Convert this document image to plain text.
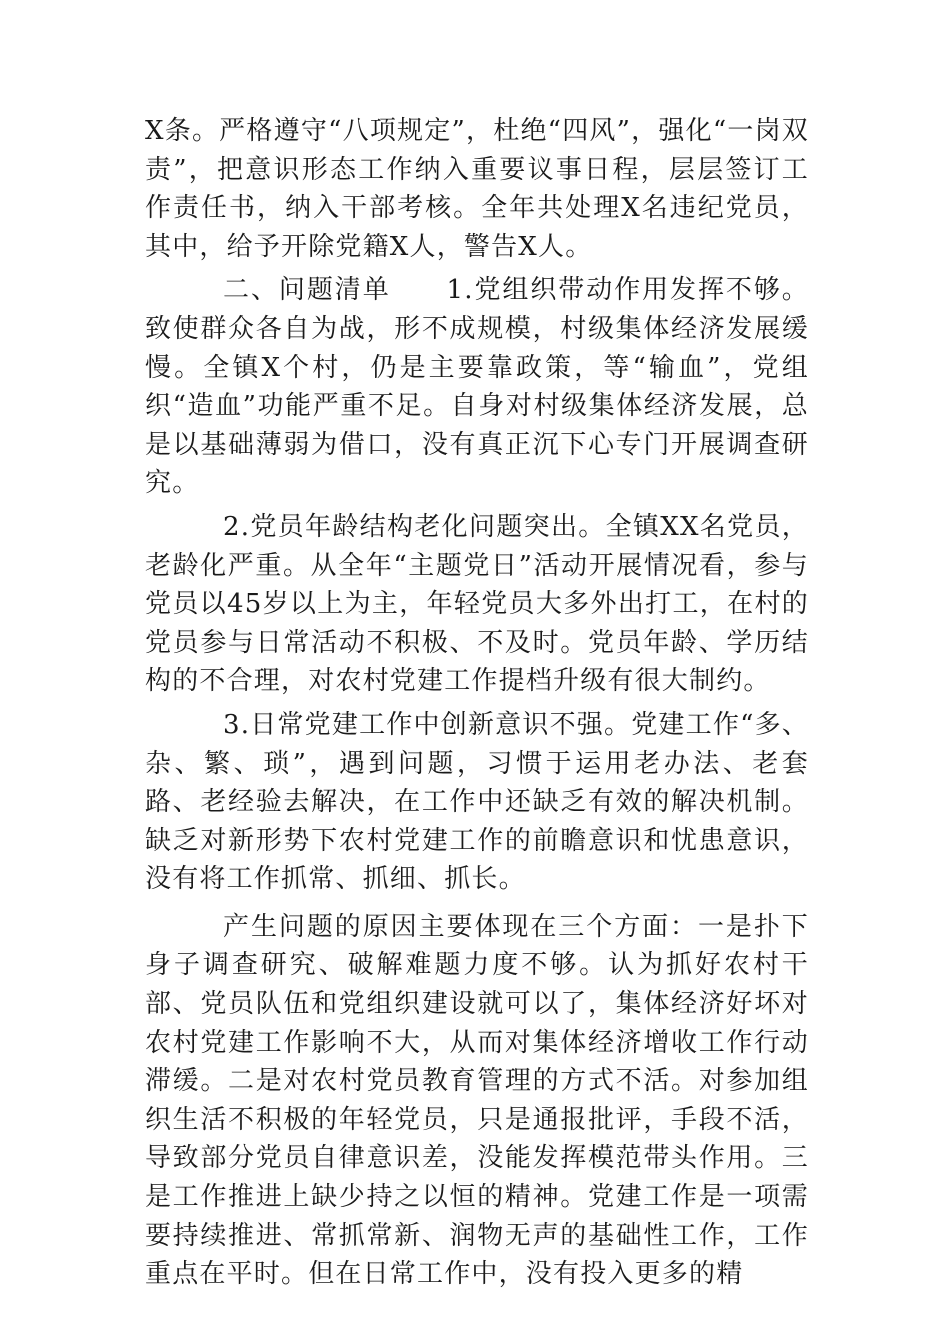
X条。严格遵守“八项规定”，杜绝“四风”，强化“一岗双责”，把意识形态工作纳入重要议事日程，层层签订工作责任书，纳入干部考核。全年共处理X名违纪党员，其中，给予开除党籍X人，警告X人。

二、问题清单　　1.党组织带动作用发挥不够。致使群众各自为战，形不成规模，村级集体经济发展缓慢。全镇X个村，仍是主要靠政策，等“输血”，党组织“造血”功能严重不足。自身对村级集体经济发展，总是以基础薄弱为借口，没有真正沉下心专门开展调查研究。

2.党员年龄结构老化问题突出。全镇XX名党员，老龄化严重。从全年“主题党日”活动开展情况看，参与党员以45岁以上为主，年轻党员大多外出打工，在村的党员参与日常活动不积极、不及时。党员年龄、学历结构的不合理，对农村党建工作提档升级有很大制约。

3.日常党建工作中创新意识不强。党建工作“多、杂、繁、琐”，遇到问题，习惯于运用老办法、老套路、老经验去解决，在工作中还缺乏有效的解决机制。缺乏对新形势下农村党建工作的前瞻意识和忧患意识，没有将工作抓常、抓细、抓长。

产生问题的原因主要体现在三个方面：一是扑下身子调查研究、破解难题力度不够。认为抓好农村干部、党员队伍和党组织建设就可以了，集体经济好坏对农村党建工作影响不大，从而对集体经济增收工作行动滞缓。二是对农村党员教育管理的方式不活。对参加组织生活不积极的年轻党员，只是通报批评，手段不活，导致部分党员自律意识差，没能发挥模范带头作用。三是工作推进上缺少持之以恒的精神。党建工作是一项需要持续推进、常抓常新、润物无声的基础性工作，工作重点在平时。但在日常工作中，没有投入更多的精
